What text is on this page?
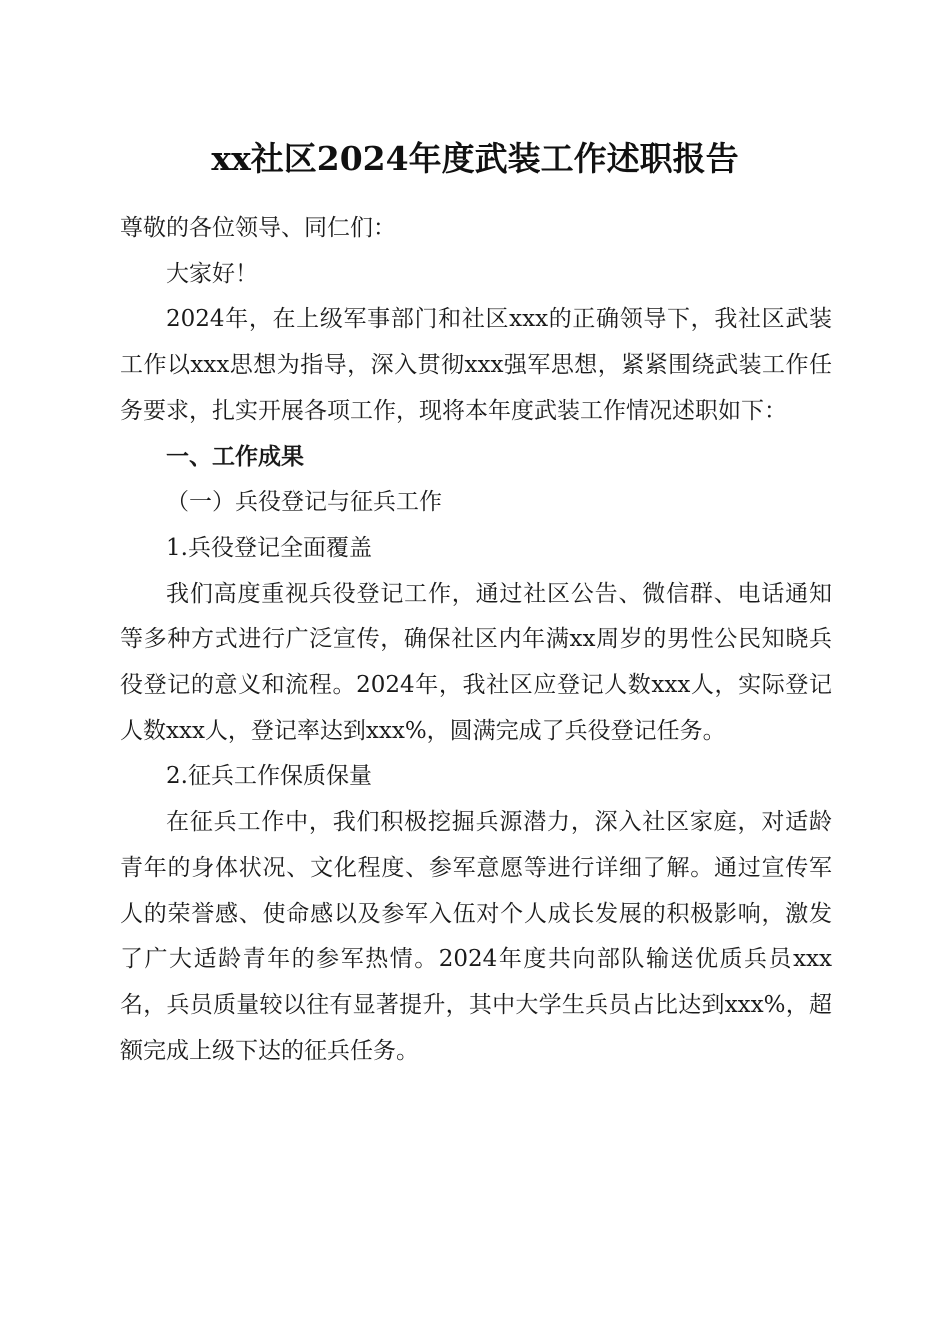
xx社区2024年度武装工作述职报告

尊敬的各位领导、同仁们：

大家好！

2024年，在上级军事部门和社区xxx的正确领导下，我社区武装工作以xxx思想为指导，深入贯彻xxx强军思想，紧紧围绕武装工作任务要求，扎实开展各项工作，现将本年度武装工作情况述职如下：

一、工作成果

（一）兵役登记与征兵工作

1.兵役登记全面覆盖

我们高度重视兵役登记工作，通过社区公告、微信群、电话通知等多种方式进行广泛宣传，确保社区内年满xx周岁的男性公民知晓兵役登记的意义和流程。2024年，我社区应登记人数xxx人，实际登记人数xxx人，登记率达到xxx%，圆满完成了兵役登记任务。

2.征兵工作保质保量

在征兵工作中，我们积极挖掘兵源潜力，深入社区家庭，对适龄青年的身体状况、文化程度、参军意愿等进行详细了解。通过宣传军人的荣誉感、使命感以及参军入伍对个人成长发展的积极影响，激发了广大适龄青年的参军热情。2024年度共向部队输送优质兵员xxx名，兵员质量较以往有显著提升，其中大学生兵员占比达到xxx%，超额完成上级下达的征兵任务。
